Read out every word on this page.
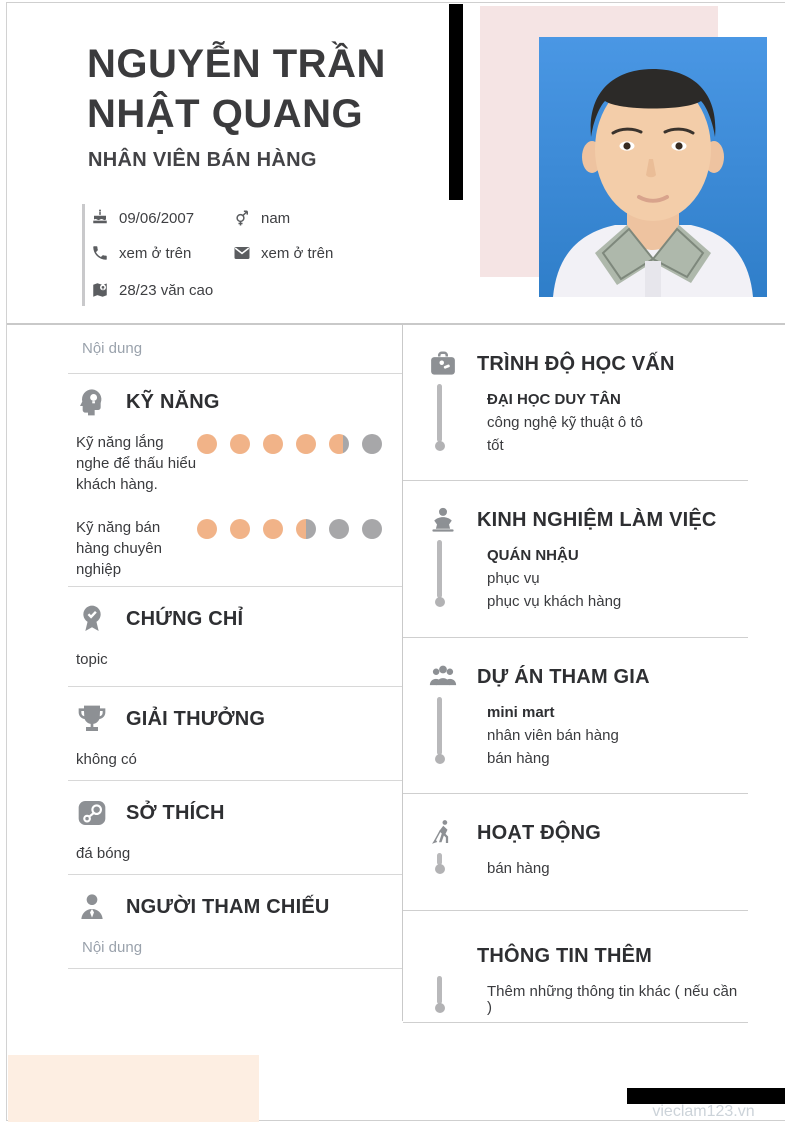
NGUYỄN TRẦN
NHẬT QUANG
NHÂN VIÊN BÁN HÀNG
09/06/2007	nam
xem ở trên	xem ở trên
28/23 văn cao
Nội dung
KỸ NĂNG
Kỹ năng lắng nghe để thấu hiểu khách hàng.
Kỹ năng bán hàng chuyên nghiệp
CHỨNG CHỈ
topic
GIẢI THƯỞNG
không có
SỞ THÍCH
đá bóng
NGƯỜI THAM CHIẾU
Nội dung
TRÌNH ĐỘ HỌC VẤN
ĐẠI HỌC DUY TÂN
công nghệ kỹ thuật ô tô
tốt
KINH NGHIỆM LÀM VIỆC
QUÁN NHẬU
phục vụ
phục vụ khách hàng
DỰ ÁN THAM GIA
mini mart
nhân viên bán hàng
bán hàng
HOẠT ĐỘNG
bán hàng
THÔNG TIN THÊM
Thêm những thông tin khác ( nếu cần )
vieclam123.vn
